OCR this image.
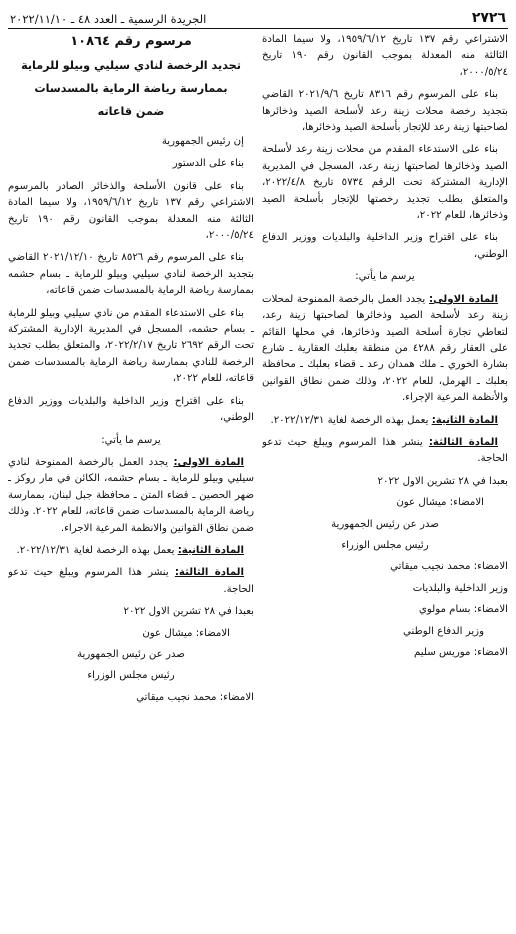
٢٧٢٦
الجريدة الرسمية ـ العدد ٤٨ ـ ٢٠٢٢/١١/١٠

الاشتراعي رقم ١٣٧ تاريخ ١٩٥٩/٦/١٢، ولا سيما المادة الثالثة منه المعدلة بموجب القانون رقم ١٩٠ تاريخ ٢٠٠٠/٥/٢٤،

بناء على المرسوم رقم ٨٣١٦ تاريخ ٢٠٢١/٩/٦ القاضي بتجديد رخصة محلات زينة رعد لأسلحة الصيد وذخائرها لصاحبتها زينة رعد للإتجار بأسلحة الصيد وذخائرها،

بناء على الاستدعاء المقدم من محلات زينة رعد لأسلحة الصيد وذخائرها لصاحبتها زينة رعد، المسجل في المديرية الإدارية المشتركة تحت الرقم ٥٧٣٤ تاريخ ٢٠٢٢/٤/٨، والمتعلق بطلب تجديد رخصتها للإتجار بأسلحة الصيد وذخائرها، للعام ٢٠٢٢،

بناء على اقتراح وزير الداخلية والبلديات ووزير الدفاع الوطني،

يرسم ما يأتي:

المادة الاولى: يجدد العمل بالرخصة الممنوحة لمحلات زينة رعد لأسلحة الصيد وذخائرها لصاحبتها زينة رعد، لتعاطي تجارة أسلحة الصيد وذخائرها، في محلها القائم على العقار رقم ٤٢٨٨ من منطقة بعلبك العقارية ـ شارع بشارة الخوري ـ ملك همدان رعد ـ قضاء بعلبك ـ محافظة بعلبك ـ الهرمل، للعام ٢٠٢٢، وذلك ضمن نطاق القوانين والأنظمة المرعية الإجراء.

المادة الثانية: يعمل بهذه الرخصة لغاية ٢٠٢٢/١٢/٣١.

المادة الثالثة: ينشر هذا المرسوم ويبلغ حيث تدعو الحاجة.

بعبدا في ٢٨ تشرين الاول ٢٠٢٢

الامضاء: ميشال عون

صدر عن رئيس الجمهورية

رئيس مجلس الوزراء

الامضاء: محمد نجيب ميقاتي

وزير الداخلية والبلديات

الامضاء: بسام مولوي

وزير الدفاع الوطني

الامضاء: موريس سليم

مرسوم رقم ١٠٨٦٤

تجديد الرخصة لنادي سيليي وبيلو للرماية

بممارسة رياضة الرماية بالمسدسات

ضمن قاعاته

إن رئيس الجمهورية

بناء على الدستور

بناء على قانون الأسلحة والذخائر الصادر بالمرسوم الاشتراعي رقم ١٣٧ تاريخ ١٩٥٩/٦/١٢، ولا سيما المادة الثالثة منه المعدلة بموجب القانون رقم ١٩٠ تاريخ ٢٠٠٠/٥/٢٤،

بناء على المرسوم رقم ٨٥٢٦ تاريخ ٢٠٢١/١٢/١٠ القاضي بتجديد الرخصة لنادي سيليي وبيلو للرماية ـ بسام حشمه بممارسة رياضة الرماية بالمسدسات ضمن قاعاته،

بناء على الاستدعاء المقدم من نادي سيليي وبيلو للرماية ـ بسام حشمه، المسجل في المديرية الإدارية المشتركة تحت الرقم ٢٦٩٢ تاريخ ٢٠٢٢/٢/١٧، والمتعلق بطلب تجديد الرخصة للنادي بممارسة رياضة الرماية بالمسدسات ضمن قاعاته، للعام ٢٠٢٢،

بناء على اقتراح وزير الداخلية والبلديات ووزير الدفاع الوطني،

يرسم ما يأتي:

المادة الاولى: يجدد العمل بالرخصة الممنوحة لنادي سيليي وبيلو للرماية ـ بسام حشمه، الكائن في مار روكز ـ ضهر الحصين ـ قضاء المتن ـ محافظة جبل لبنان، بممارسة رياضة الرماية بالمسدسات ضمن قاعاته، للعام ٢٠٢٢. وذلك ضمن نطاق القوانين والانظمة المرعية الاجراء.

المادة الثانية: يعمل بهذه الرخصة لغاية ٢٠٢٢/١٢/٣١.

المادة الثالثة: ينشر هذا المرسوم ويبلغ حيث تدعو الحاجة.

بعبدا في ٢٨ تشرين الاول ٢٠٢٢

الامضاء: ميشال عون

صدر عن رئيس الجمهورية

رئيس مجلس الوزراء

الامضاء: محمد نجيب ميقاتي
